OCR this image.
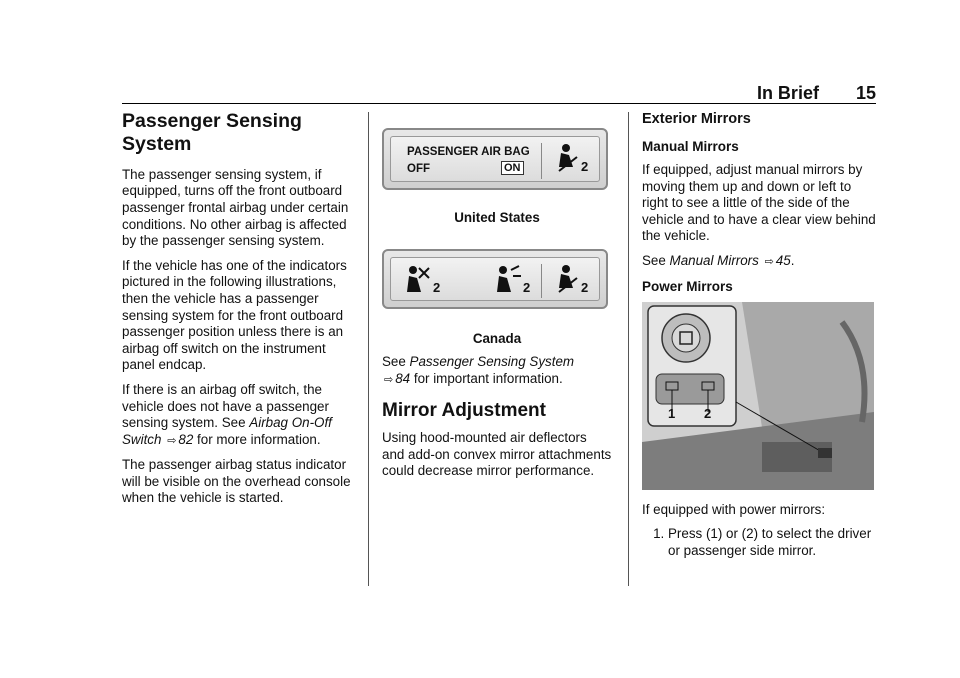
In Brief 15
Passenger Sensing System

The passenger sensing system, if equipped, turns off the front outboard passenger frontal airbag under certain conditions. No other airbag is affected by the passenger sensing system.

If the vehicle has one of the indicators pictured in the following illustrations, then the vehicle has a passenger sensing system for the front outboard passenger position unless there is an airbag off switch on the instrument panel endcap.

If there is an airbag off switch, the vehicle does not have a passenger sensing system. See Airbag On-Off Switch ⇨ 82 for more information.

The passenger airbag status indicator will be visible on the overhead console when the vehicle is started.

PASSENGER AIR BAG
OFF	ON	2
United States
2	2	2
Canada

See Passenger Sensing System
⇨ 84 for important information.

Mirror Adjustment

Using hood-mounted air deflectors and add-on convex mirror attachments could decrease mirror performance.

Exterior Mirrors
Manual Mirrors

If equipped, adjust manual mirrors by moving them up and down or left to right to see a little of the side of the vehicle and to have a clear view behind the vehicle.

See Manual Mirrors ⇨ 45.

Power Mirrors
1 2

If equipped with power mirrors:

1. Press (1) or (2) to select the driver or passenger side mirror.
